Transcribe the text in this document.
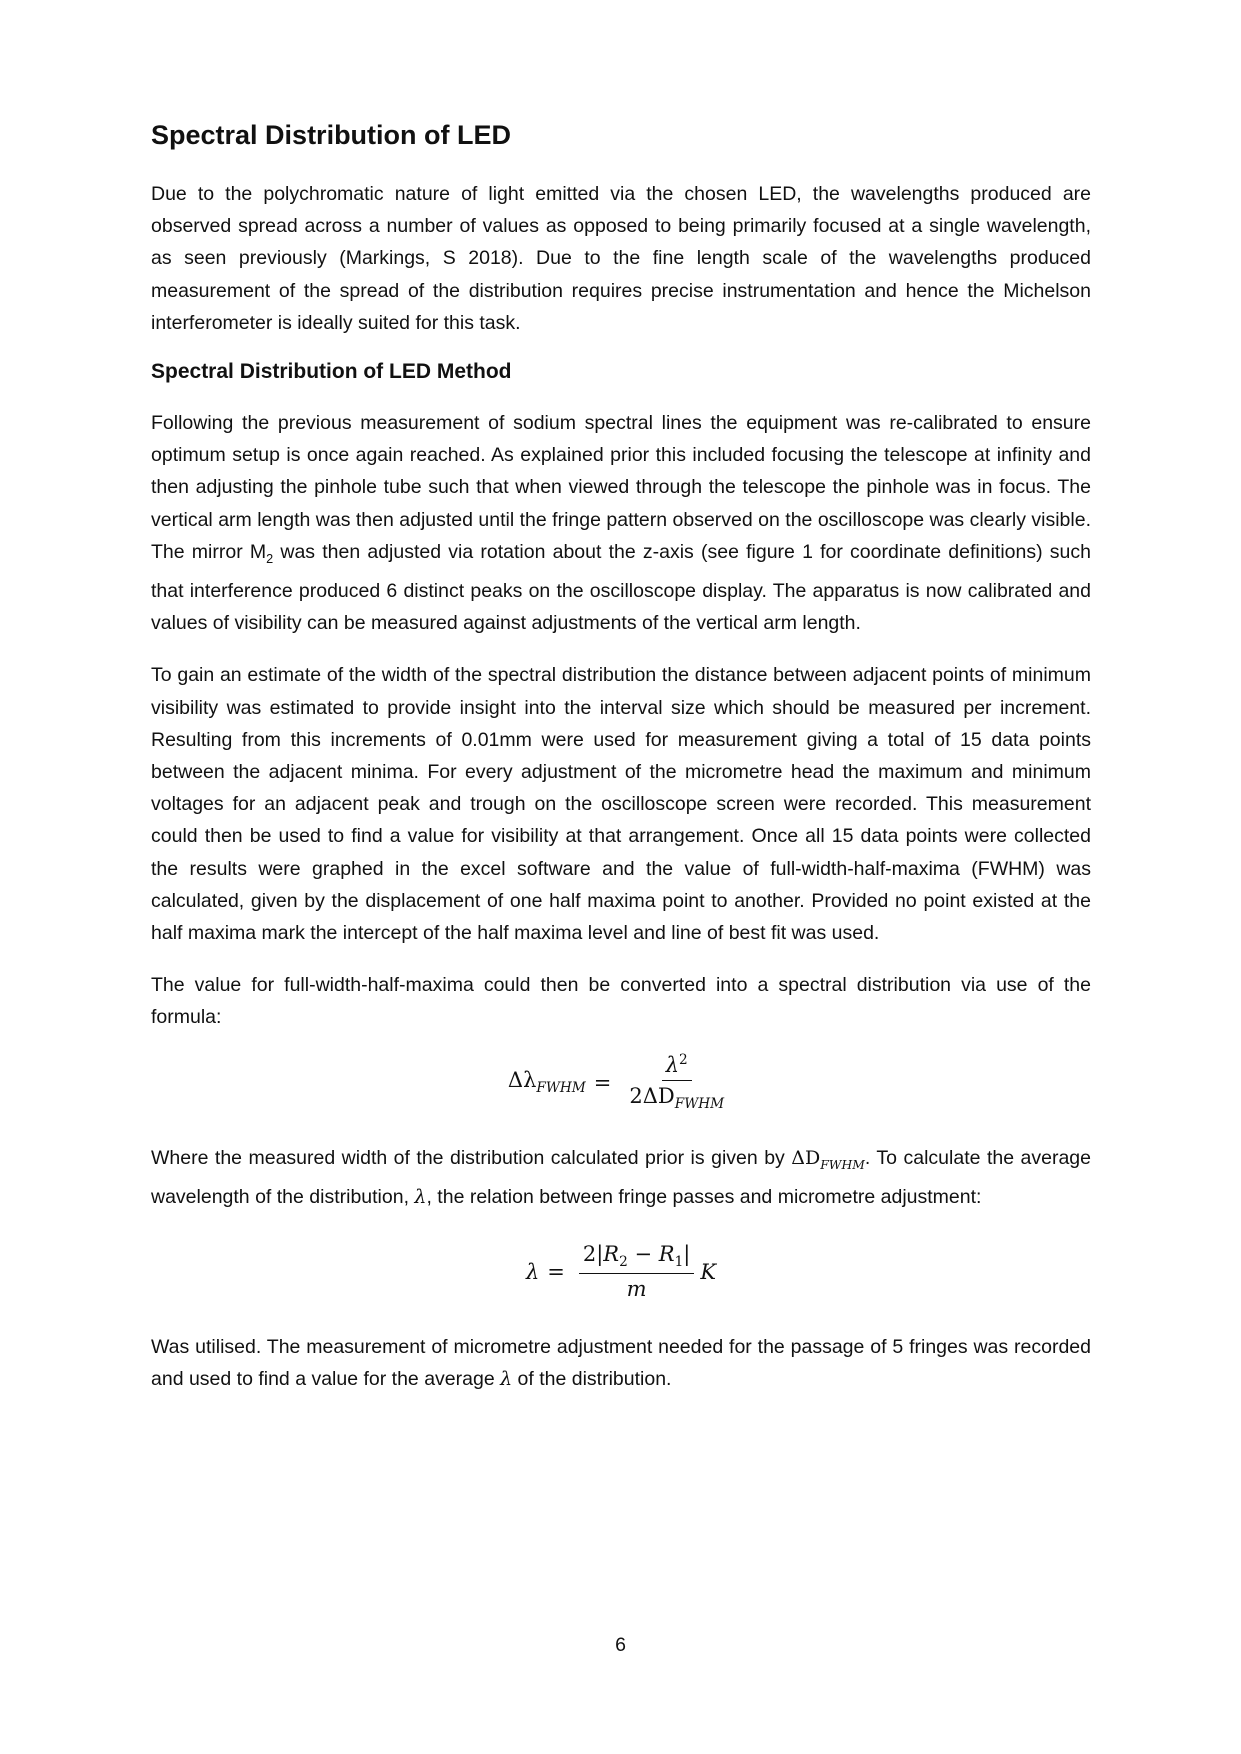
Spectral Distribution of LED

Due to the polychromatic nature of light emitted via the chosen LED, the wavelengths produced are observed spread across a number of values as opposed to being primarily focused at a single wavelength, as seen previously (Markings, S 2018). Due to the fine length scale of the wavelengths produced measurement of the spread of the distribution requires precise instrumentation and hence the Michelson interferometer is ideally suited for this task.

Spectral Distribution of LED Method

Following the previous measurement of sodium spectral lines the equipment was re-calibrated to ensure optimum setup is once again reached. As explained prior this included focusing the telescope at infinity and then adjusting the pinhole tube such that when viewed through the telescope the pinhole was in focus. The vertical arm length was then adjusted until the fringe pattern observed on the oscilloscope was clearly visible. The mirror $M_2$ was then adjusted via rotation about the z-axis (see figure 1 for coordinate definitions) such that interference produced 6 distinct peaks on the oscilloscope display. The apparatus is now calibrated and values of visibility can be measured against adjustments of the vertical arm length.

To gain an estimate of the width of the spectral distribution the distance between adjacent points of minimum visibility was estimated to provide insight into the interval size which should be measured per increment. Resulting from this increments of 0.01mm were used for measurement giving a total of 15 data points between the adjacent minima. For every adjustment of the micrometre head the maximum and minimum voltages for an adjacent peak and trough on the oscilloscope screen were recorded. This measurement could then be used to find a value for visibility at that arrangement. Once all 15 data points were collected the results were graphed in the excel software and the value of full-width-half-maxima (FWHM) was calculated, given by the displacement of one half maxima point to another. Provided no point existed at the half maxima mark the intercept of the half maxima level and line of best fit was used.

The value for full-width-half-maxima could then be converted into a spectral distribution via use of the formula:

$\Delta\lambda_{FWHM} = \frac{\lambda^2}{2\Delta D_{FWHM}}$

Where the measured width of the distribution calculated prior is given by $\Delta D_{FWHM}$. To calculate the average wavelength of the distribution, λ, the relation between fringe passes and micrometre adjustment:

$\lambda = \frac{2|R_2 - R_1|}{m}$ K

Was utilised. The measurement of micrometre adjustment needed for the passage of 5 fringes was recorded and used to find a value for the average λ of the distribution.

6
